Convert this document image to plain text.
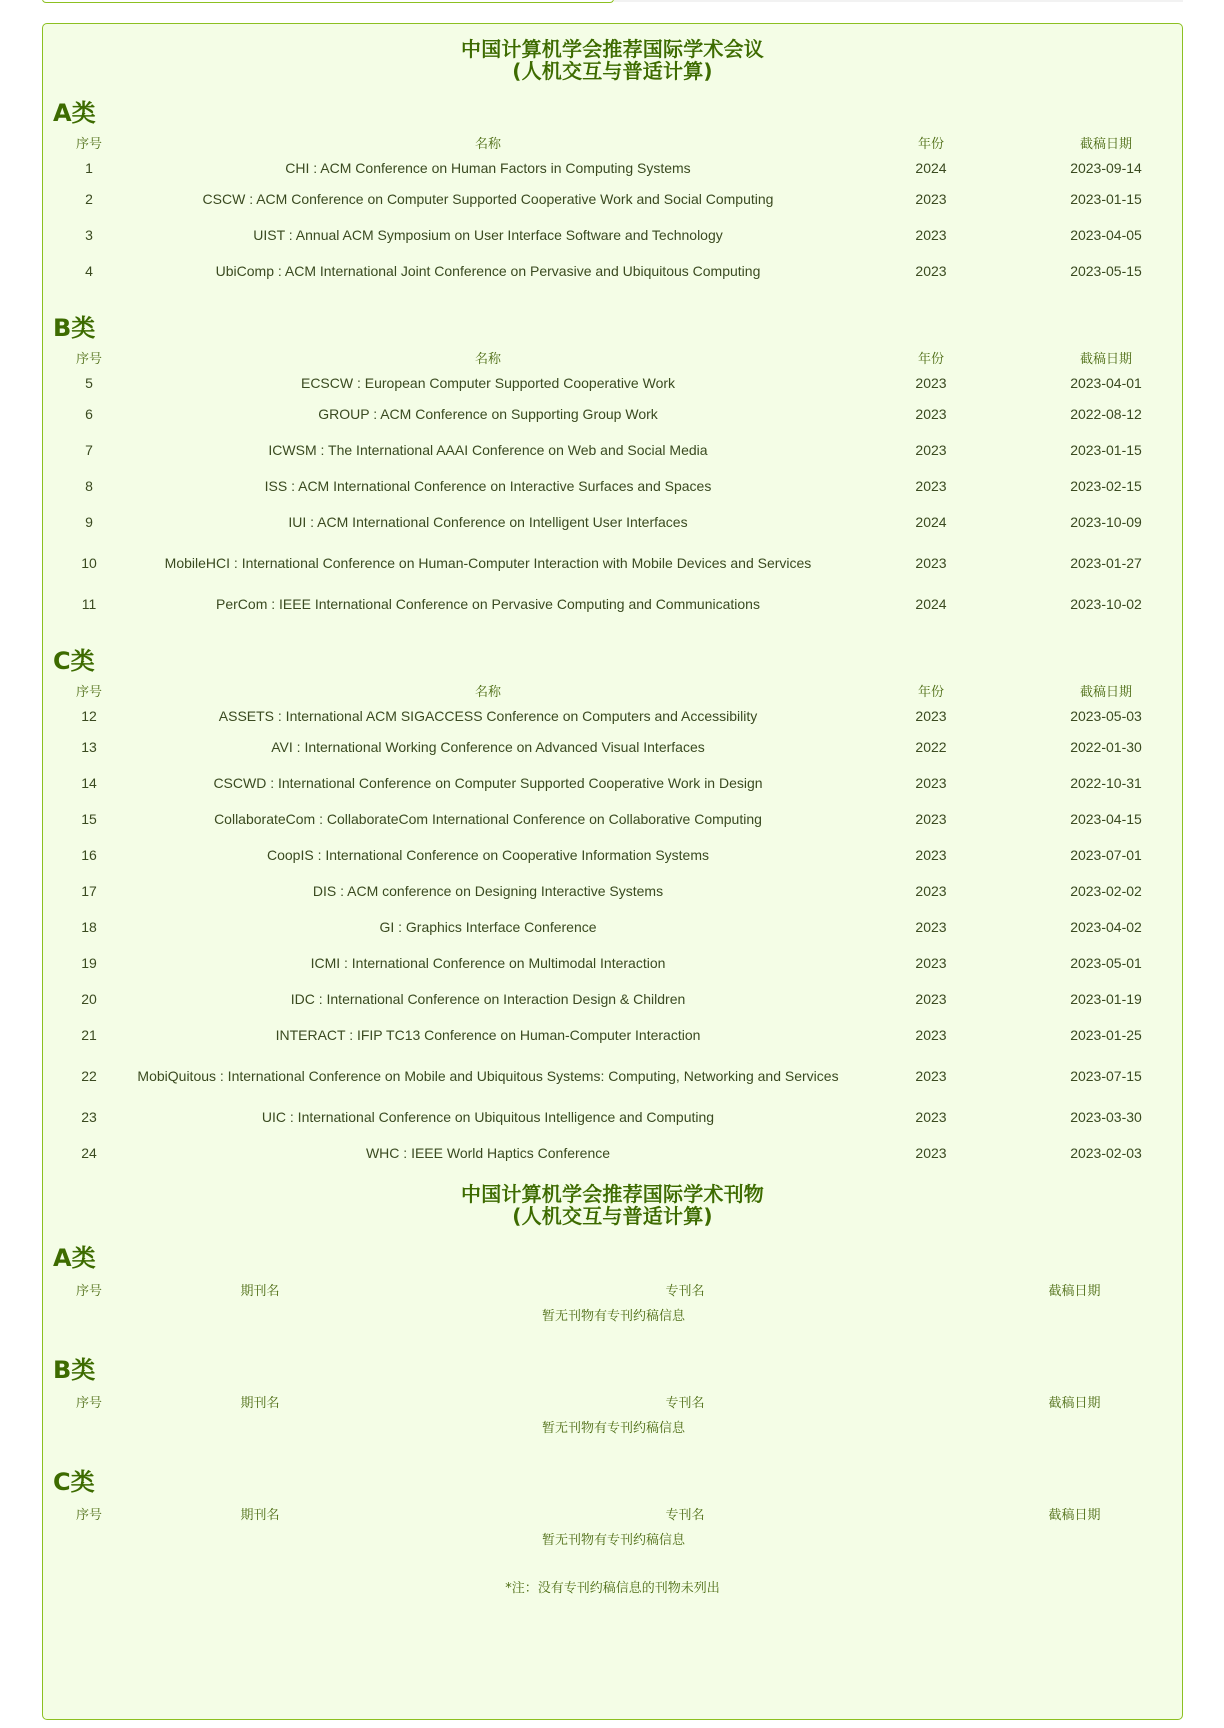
中国计算机学会推荐国际学术会议
(人机交互与普适计算)
A类
序号	名称	年份	截稿日期
1	CHI : ACM Conference on Human Factors in Computing Systems	2024	2023-09-14
2	CSCW : ACM Conference on Computer Supported Cooperative Work and Social Computing	2023	2023-01-15
3	UIST : Annual ACM Symposium on User Interface Software and Technology	2023	2023-04-05
4	UbiComp : ACM International Joint Conference on Pervasive and Ubiquitous Computing	2023	2023-05-15
B类
序号	名称	年份	截稿日期
5	ECSCW : European Computer Supported Cooperative Work	2023	2023-04-01
6	GROUP : ACM Conference on Supporting Group Work	2023	2022-08-12
7	ICWSM : The International AAAI Conference on Web and Social Media	2023	2023-01-15
8	ISS : ACM International Conference on Interactive Surfaces and Spaces	2023	2023-02-15
9	IUI : ACM International Conference on Intelligent User Interfaces	2024	2023-10-09
10	MobileHCI : International Conference on Human-Computer Interaction with Mobile Devices and Services	2023	2023-01-27
11	PerCom : IEEE International Conference on Pervasive Computing and Communications	2024	2023-10-02
C类
序号	名称	年份	截稿日期
12	ASSETS : International ACM SIGACCESS Conference on Computers and Accessibility	2023	2023-05-03
13	AVI : International Working Conference on Advanced Visual Interfaces	2022	2022-01-30
14	CSCWD : International Conference on Computer Supported Cooperative Work in Design	2023	2022-10-31
15	CollaborateCom : CollaborateCom International Conference on Collaborative Computing	2023	2023-04-15
16	CoopIS : International Conference on Cooperative Information Systems	2023	2023-07-01
17	DIS : ACM conference on Designing Interactive Systems	2023	2023-02-02
18	GI : Graphics Interface Conference	2023	2023-04-02
19	ICMI : International Conference on Multimodal Interaction	2023	2023-05-01
20	IDC : International Conference on Interaction Design & Children	2023	2023-01-19
21	INTERACT : IFIP TC13 Conference on Human-Computer Interaction	2023	2023-01-25
22	MobiQuitous : International Conference on Mobile and Ubiquitous Systems: Computing, Networking and Services	2023	2023-07-15
23	UIC : International Conference on Ubiquitous Intelligence and Computing	2023	2023-03-30
24	WHC : IEEE World Haptics Conference	2023	2023-02-03
中国计算机学会推荐国际学术刊物
(人机交互与普适计算)
A类
序号	期刊名	专刊名	截稿日期
暂无刊物有专刊约稿信息
B类
序号	期刊名	专刊名	截稿日期
暂无刊物有专刊约稿信息
C类
序号	期刊名	专刊名	截稿日期
暂无刊物有专刊约稿信息

*注：没有专刊约稿信息的刊物未列出
